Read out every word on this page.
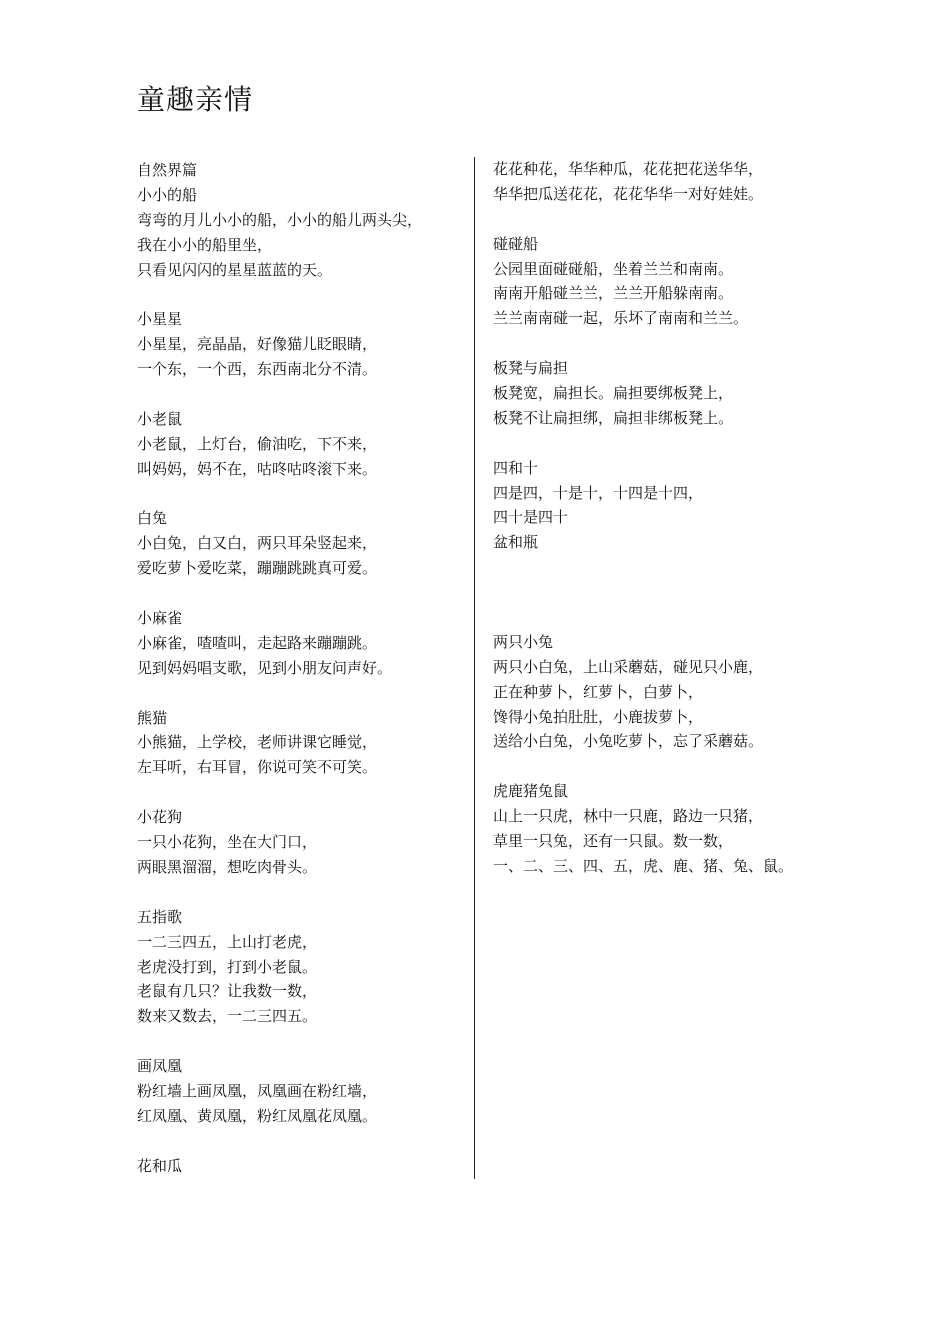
童趣亲情
自然界篇
小小的船
弯弯的月儿小小的船，小小的船儿两头尖，
我在小小的船里坐，
只看见闪闪的星星蓝蓝的天。
小星星
小星星，亮晶晶，好像猫儿眨眼睛，
一个东，一个西，东西南北分不清。
小老鼠
小老鼠，上灯台，偷油吃，下不来，
叫妈妈，妈不在，咕咚咕咚滚下来。
白兔
小白兔，白又白，两只耳朵竖起来，
爱吃萝卜爱吃菜，蹦蹦跳跳真可爱。
小麻雀
小麻雀，喳喳叫，走起路来蹦蹦跳。
见到妈妈唱支歌，见到小朋友问声好。
熊猫
小熊猫，上学校，老师讲课它睡觉，
左耳听，右耳冒，你说可笑不可笑。
小花狗
一只小花狗，坐在大门口，
两眼黑溜溜，想吃肉骨头。
五指歌
一二三四五，上山打老虎，
老虎没打到，打到小老鼠。
老鼠有几只？让我数一数，
数来又数去，一二三四五。
画凤凰
粉红墙上画凤凰，凤凰画在粉红墙，
红凤凰、黄凤凰，粉红凤凰花凤凰。
花和瓜
花花种花，华华种瓜，花花把花送华华，
华华把瓜送花花，花花华华一对好娃娃。
碰碰船
公园里面碰碰船，坐着兰兰和南南。
南南开船碰兰兰，兰兰开船躲南南。
兰兰南南碰一起，乐坏了南南和兰兰。
板凳与扁担
板凳宽，扁担长。扁担要绑板凳上，
板凳不让扁担绑，扁担非绑板凳上。
四和十
四是四，十是十，十四是十四，
四十是四十
盆和瓶
两只小兔
两只小白兔，上山采蘑菇，碰见只小鹿，
正在种萝卜，红萝卜，白萝卜，
馋得小兔拍肚肚，小鹿拔萝卜，
送给小白兔，小兔吃萝卜，忘了采蘑菇。
虎鹿猪兔鼠
山上一只虎，林中一只鹿，路边一只猪，
草里一只兔，还有一只鼠。数一数，
一、二、三、四、五，虎、鹿、猪、兔、鼠。
